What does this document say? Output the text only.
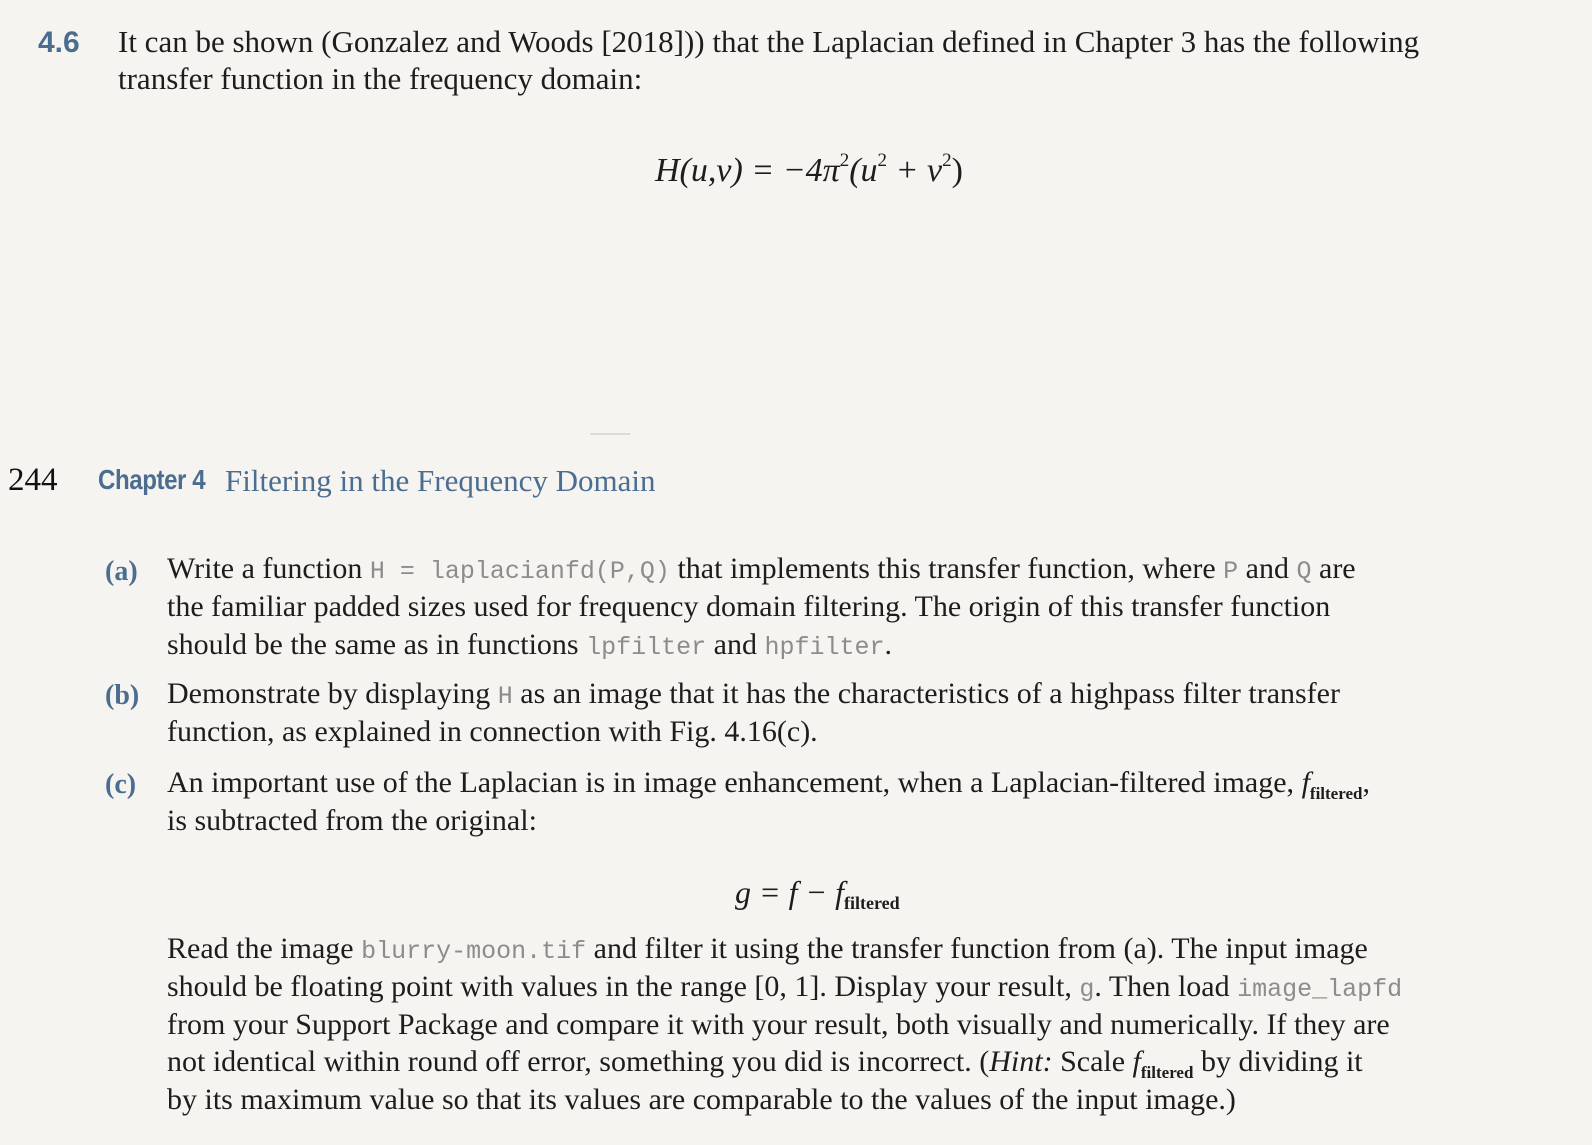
4.6 It can be shown (Gonzalez and Woods [2018])) that the Laplacian defined in Chapter 3 has the following
transfer function in the frequency domain:
$H(u,v) = -4\pi^2(u^2 + v^2)$
244 Chapter 4 Filtering in the Frequency Domain
(a) Write a function H = laplacianfd(P,Q) that implements this transfer function, where P and Q are
the familiar padded sizes used for frequency domain filtering. The origin of this transfer function
should be the same as in functions lpfilter and hpfilter.
(b) Demonstrate by displaying H as an image that it has the characteristics of a highpass filter transfer
function, as explained in connection with Fig. 4.16(c).
(c) An important use of the Laplacian is in image enhancement, when a Laplacian-filtered image, $f_{filtered}$,
is subtracted from the original:
$g = f - f_{filtered}$
Read the image blurry-moon.tif and filter it using the transfer function from (a). The input image
should be floating point with values in the range [0, 1]. Display your result, g. Then load image_lapfd
from your Support Package and compare it with your result, both visually and numerically. If they are
not identical within round off error, something you did is incorrect. (Hint: Scale $f_{filtered}$ by dividing it
by its maximum value so that its values are comparable to the values of the input image.)
